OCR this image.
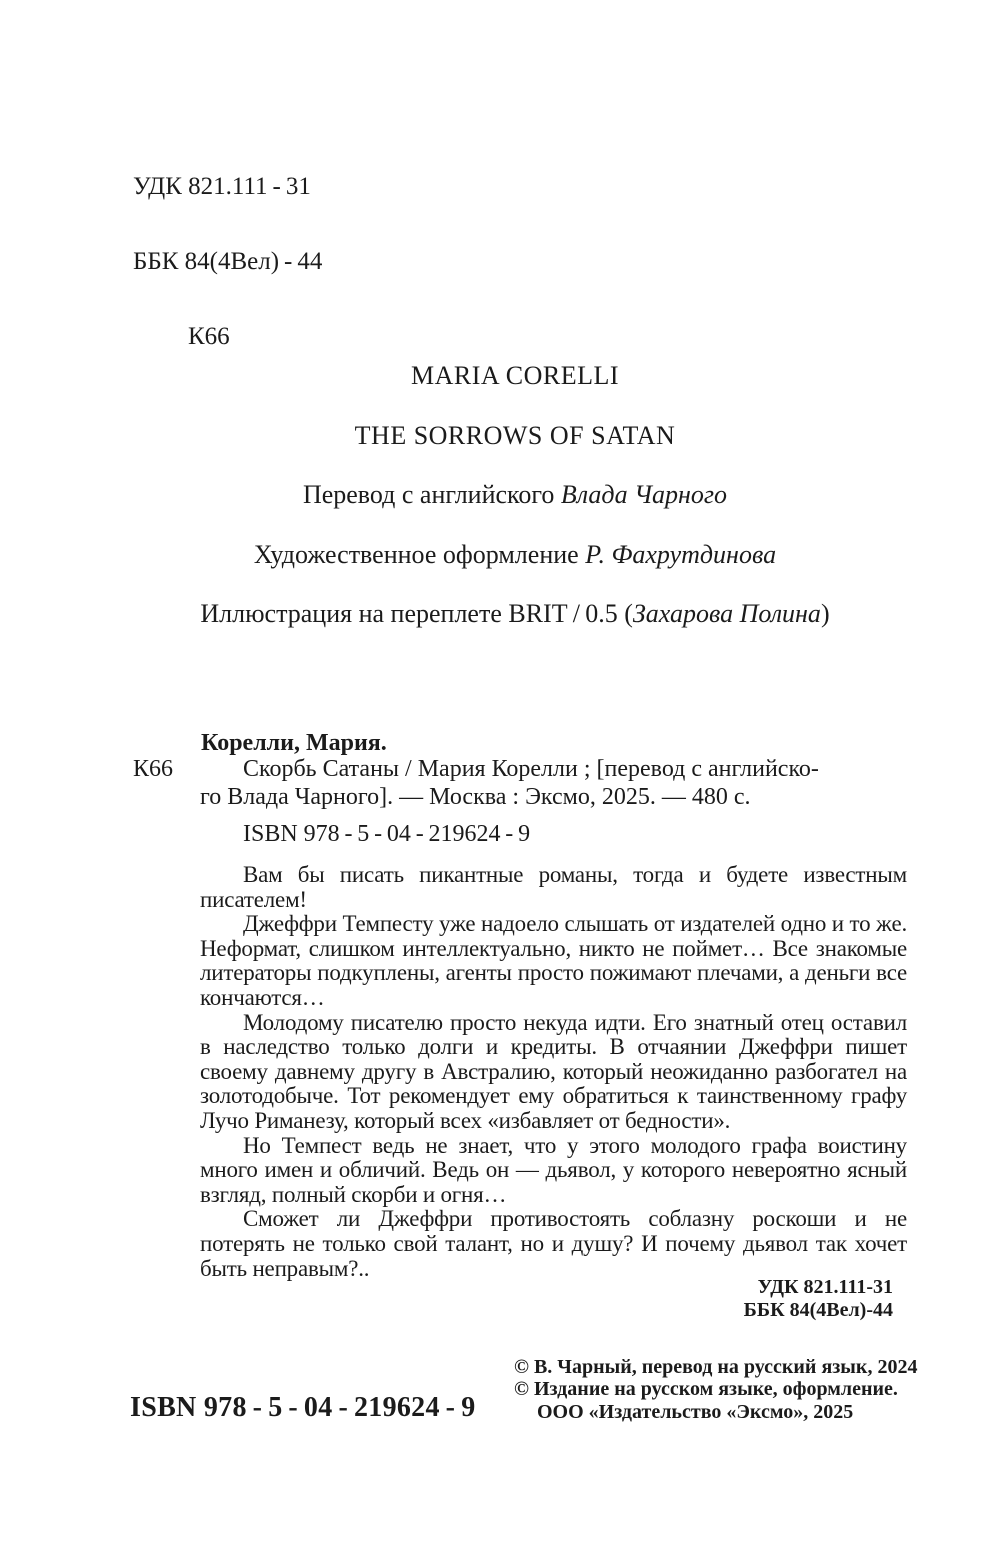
УДК 821.111 - 31

ББК 84(4Вел) - 44

К66

MARIA CORELLI
THE SORROWS OF SATAN
Перевод с английского Влада Чарного
Художественное оформление Р. Фахрутдинова
Иллюстрация на переплете BRIT / 0.5 (Захарова Полина)
Корелли, Мария.
К66	Скорбь Сатаны / Мария Корелли ; [перевод с английско-
го Влада Чарного]. — Москва : Эксмо, 2025. — 480 с.
ISBN 978 - 5 - 04 - 219624 - 9

Вам бы писать пикантные романы, тогда и будете известным писателем!

Джеффри Темпесту уже надоело слышать от издателей одно и то же. Неформат, слишком интеллектуально, никто не поймет… Все знакомые литераторы подкуплены, агенты просто пожимают плечами, а деньги все кончаются…

Молодому писателю просто некуда идти. Его знатный отец оставил в наследство только долги и кредиты. В отчаянии Джеффри пишет своему давнему другу в Австралию, который неожиданно разбогател на золотодобыче. Тот рекомендует ему обратиться к таинственному графу Лучо Риманезу, который всех «избавляет от бедности».

Но Темпест ведь не знает, что у этого молодого графа воистину много имен и обличий. Ведь он — дьявол, у которого невероятно ясный взгляд, полный скорби и огня…

Сможет ли Джеффри противостоять соблазну роскоши и не потерять не только свой талант, но и душу? И почему дьявол так хочет быть неправым?..

УДК 821.111-31
ББК 84(4Вел)-44
© В. Чарный, перевод на русский язык, 2024
© Издание на русском языке, оформление.
ООО «Издательство «Эксмо», 2025
ISBN 978 - 5 - 04 - 219624 - 9
